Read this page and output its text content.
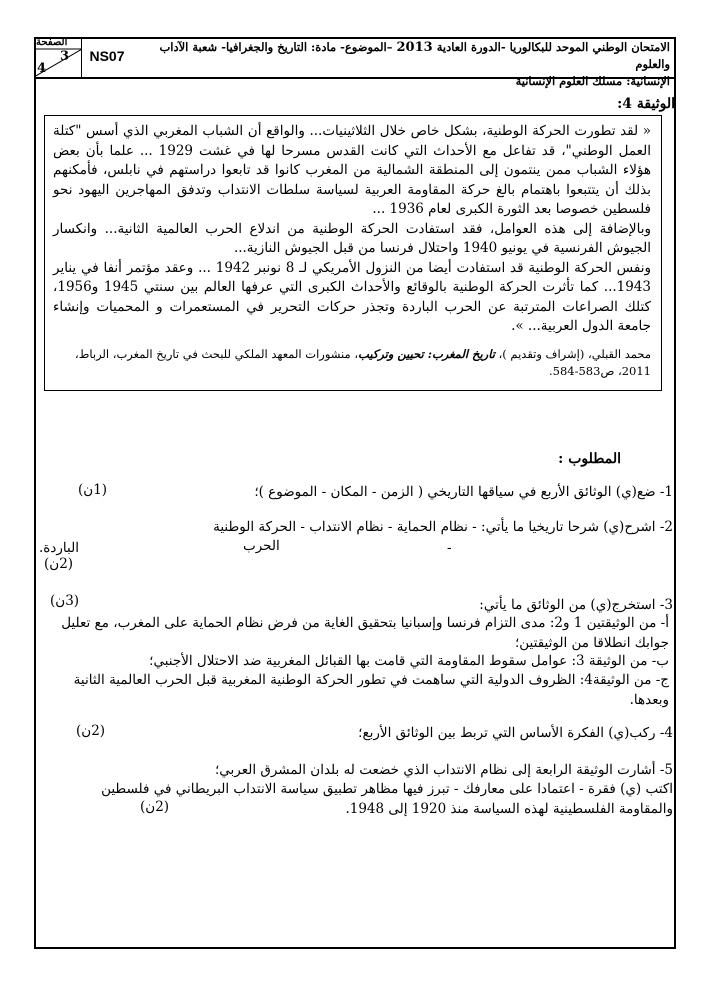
الصفحة
3
4
NS07
الامتحان الوطني الموحد للبكالوريا -الدورة العادية 2013 –الموضوع- مادة: التاريخ والجغرافيا- شعبة الآداب والعلوم
الإنسانية: مسلك العلوم الإنسانية
الوثيقة 4:

« لقد تطورت الحركة الوطنية، بشكل خاص خلال الثلاثينيات... والواقع أن الشباب المغربي الذي أسس "كتلة العمل الوطني"، قد تفاعل مع الأحداث التي كانت القدس مسرحا لها في غشت 1929 ... علما بأن بعض هؤلاء الشباب ممن ينتمون إلى المنطقة الشمالية من المغرب كانوا قد تابعوا دراستهم في نابلس، فأمكنهم بذلك أن يتتبعوا باهتمام بالغ حركة المقاومة العربية لسياسة سلطات الانتداب وتدفق المهاجرين اليهود نحو فلسطين خصوصا بعد الثورة الكبرى لعام 1936 ...

وبالإضافة إلى هذه العوامل، فقد استفادت الحركة الوطنية من اندلاع الحرب العالمية الثانية... وانكسار الجيوش الفرنسية في يونيو 1940 واحتلال فرنسا من قبل الجيوش النازية...

ونفس الحركة الوطنية قد استفادت أيضا من النزول الأمريكي لـ 8 نونبر 1942 ... وعقد مؤتمر أنفا في يناير 1943... كما تأثرت الحركة الوطنية بالوقائع والأحداث الكبرى التي عرفها العالم بين سنتي 1945 و1956، كتلك الصراعات المترتبة عن الحرب الباردة وتجذر حركات التحرير في المستعمرات و المحميات وإنشاء جامعة الدول العربية... ».

محمد القبلي، (إشراف وتقديم )، تاريخ المغرب: تحيين وتركيب، منشورات المعهد الملكي للبحث في تاريخ المغرب، الرباط، 2011، ص583-584.
المطلوب :
1- ضع(ي) الوثائق الأربع في سياقها التاريخي ( الزمن - المكان - الموضوع )؛
(1ن)
2- اشرح(ي) شرحا تاريخيا ما يأتي: - نظام الحماية - نظام الانتداب - الحركة الوطنية
-
الحرب
الباردة.
(2ن)
3- استخرج(ي) من الوثائق ما يأتي:
(3ن)
أ- من الوثيقتين 1 و2: مدى التزام فرنسا وإسبانيا بتحقيق الغاية من فرض نظام الحماية على المغرب، مع تعليل جوابك انطلاقا من الوثيقتين؛
ب- من الوثيقة 3: عوامل سقوط المقاومة التي قامت بها القبائل المغربية ضد الاحتلال الأجنبي؛
ج- من الوثيقة4: الظروف الدولية التي ساهمت في تطور الحركة الوطنية المغربية قبل الحرب العالمية الثانية وبعدها.
4- ركب(ي) الفكرة الأساس التي تربط بين الوثائق الأربع؛
(2ن)
5- أشارت الوثيقة الرابعة إلى نظام الانتداب الذي خضعت له بلدان المشرق العربي؛
اكتب (ي) فقرة - اعتمادا على معارفك - تبرز فيها مظاهر تطبيق سياسة الانتداب البريطاني في فلسطين والمقاومة الفلسطينية لهذه السياسة منذ 1920 إلى 1948.
(2ن)
